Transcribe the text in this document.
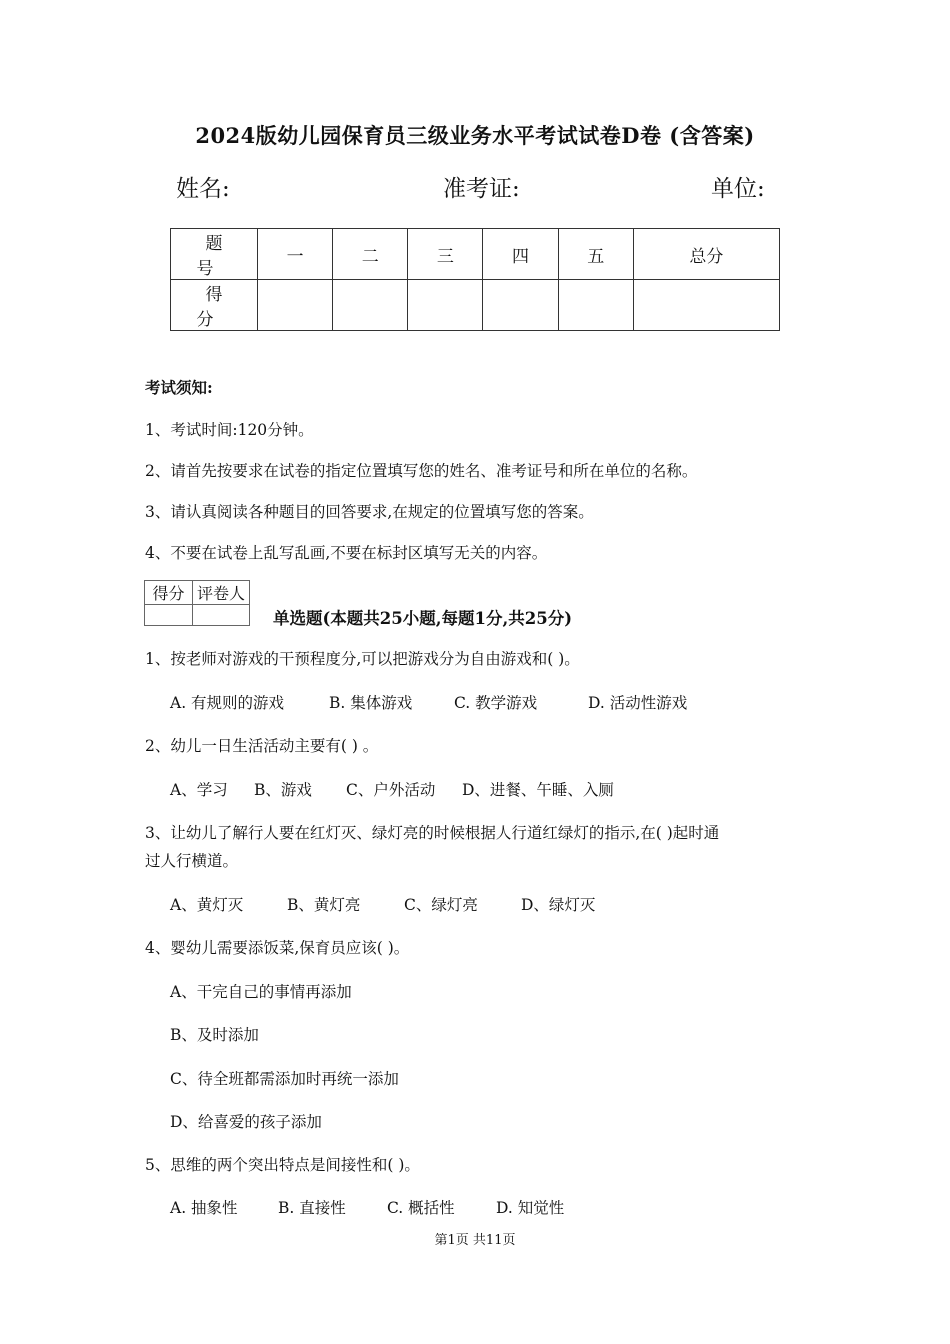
2024版幼儿园保育员三级业务水平考试试卷D卷 (含答案)
姓名:	准考证:	单位:
题号	一	二	三	四	五	总分
得分						
考试须知:
1、考试时间:120分钟。
2、请首先按要求在试卷的指定位置填写您的姓名、准考证号和所在单位的名称。
3、请认真阅读各种题目的回答要求,在规定的位置填写您的答案。
4、不要在试卷上乱写乱画,不要在标封区填写无关的内容。
得分	评卷人

单选题(本题共25小题,每题1分,共25分)
1、按老师对游戏的干预程度分,可以把游戏分为自由游戏和( )。
A. 有规则的游戏	B. 集体游戏	C. 教学游戏	D. 活动性游戏
2、幼儿一日生活活动主要有( ) 。
A、学习 B、游戏 C、户外活动 D、进餐、午睡、入厕
3、让幼儿了解行人要在红灯灭、绿灯亮的时候根据人行道红绿灯的指示,在( )起时通
过人行横道。
A、黄灯灭	B、黄灯亮	C、绿灯亮	D、绿灯灭
4、婴幼儿需要添饭菜,保育员应该( )。
A、干完自己的事情再添加
B、及时添加
C、待全班都需添加时再统一添加
D、给喜爱的孩子添加
5、思维的两个突出特点是间接性和( )。
A. 抽象性	B. 直接性	C. 概括性	D. 知觉性
第1页 共11页
